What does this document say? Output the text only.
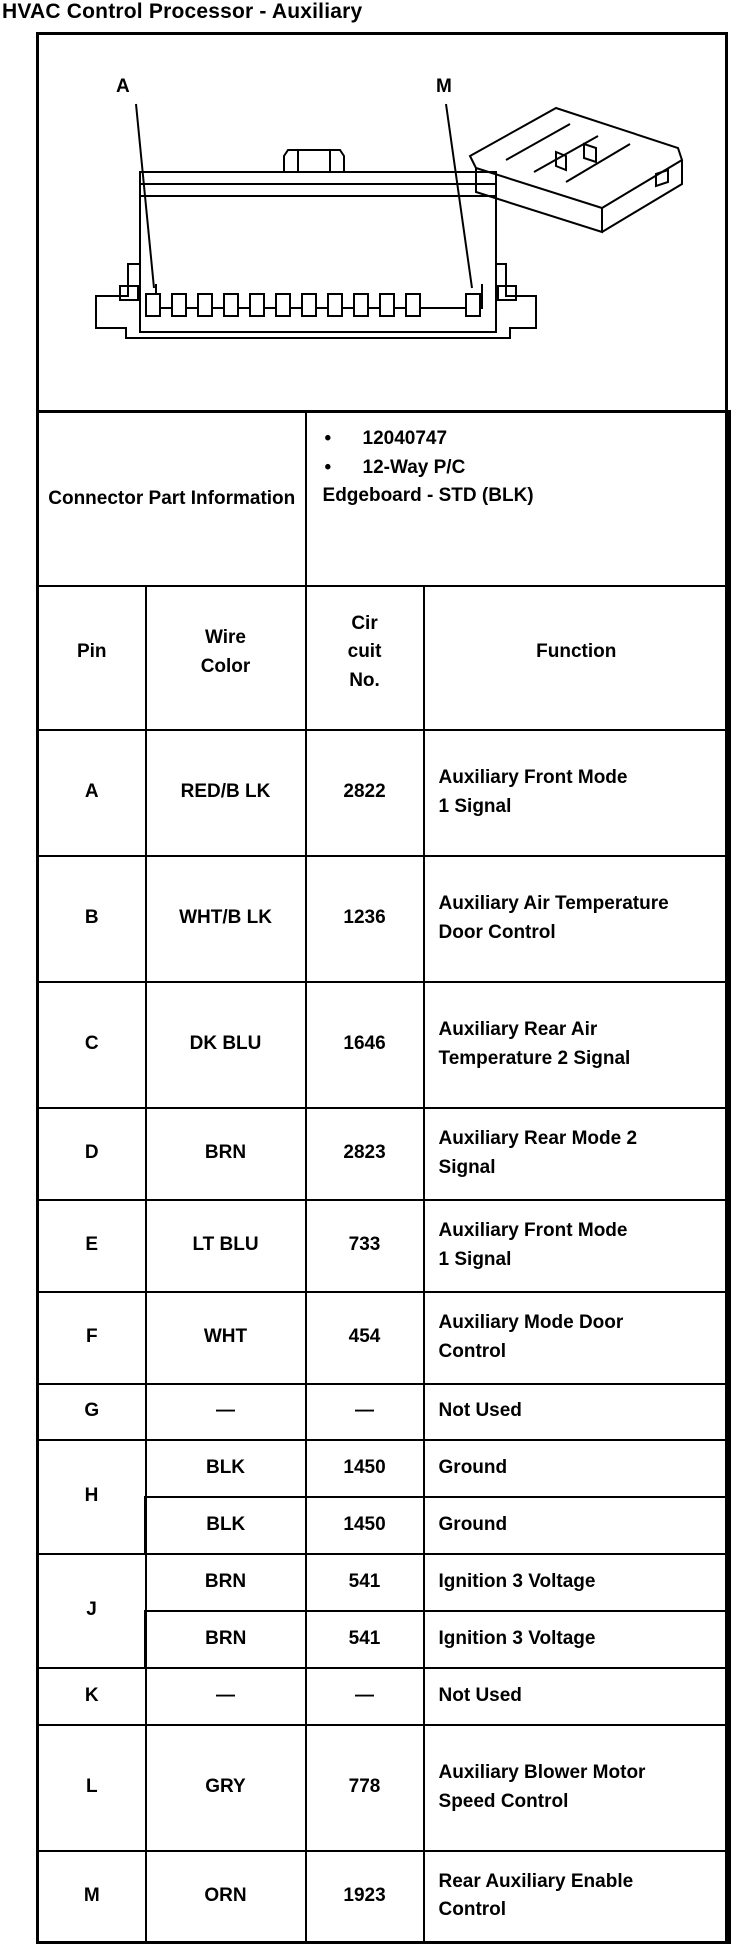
HVAC Control Processor - Auxiliary
A	M
Connector Part Information		• 12040747
• 12-Way P/C
Edgeboard - STD (BLK)

Pin	Wire Color	Cir cuit No.	Function
A	RED/B LK	2822	Auxiliary Front Mode 1 Signal
B	WHT/B LK	1236	Auxiliary Air Temperature Door Control
C	DK BLU	1646	Auxiliary Rear Air Temperature 2 Signal
D	BRN	2823	Auxiliary Rear Mode 2 Signal
E	LT BLU	733	Auxiliary Front Mode 1 Signal
F	WHT	454	Auxiliary Mode Door Control
G	—	—	Not Used
H	BLK	1450	Ground
	BLK	1450	Ground
J	BRN	541	Ignition 3 Voltage
	BRN	541	Ignition 3 Voltage
K	—	—	Not Used
L	GRY	778	Auxiliary Blower Motor Speed Control
M	ORN	1923	Rear Auxiliary Enable Control
